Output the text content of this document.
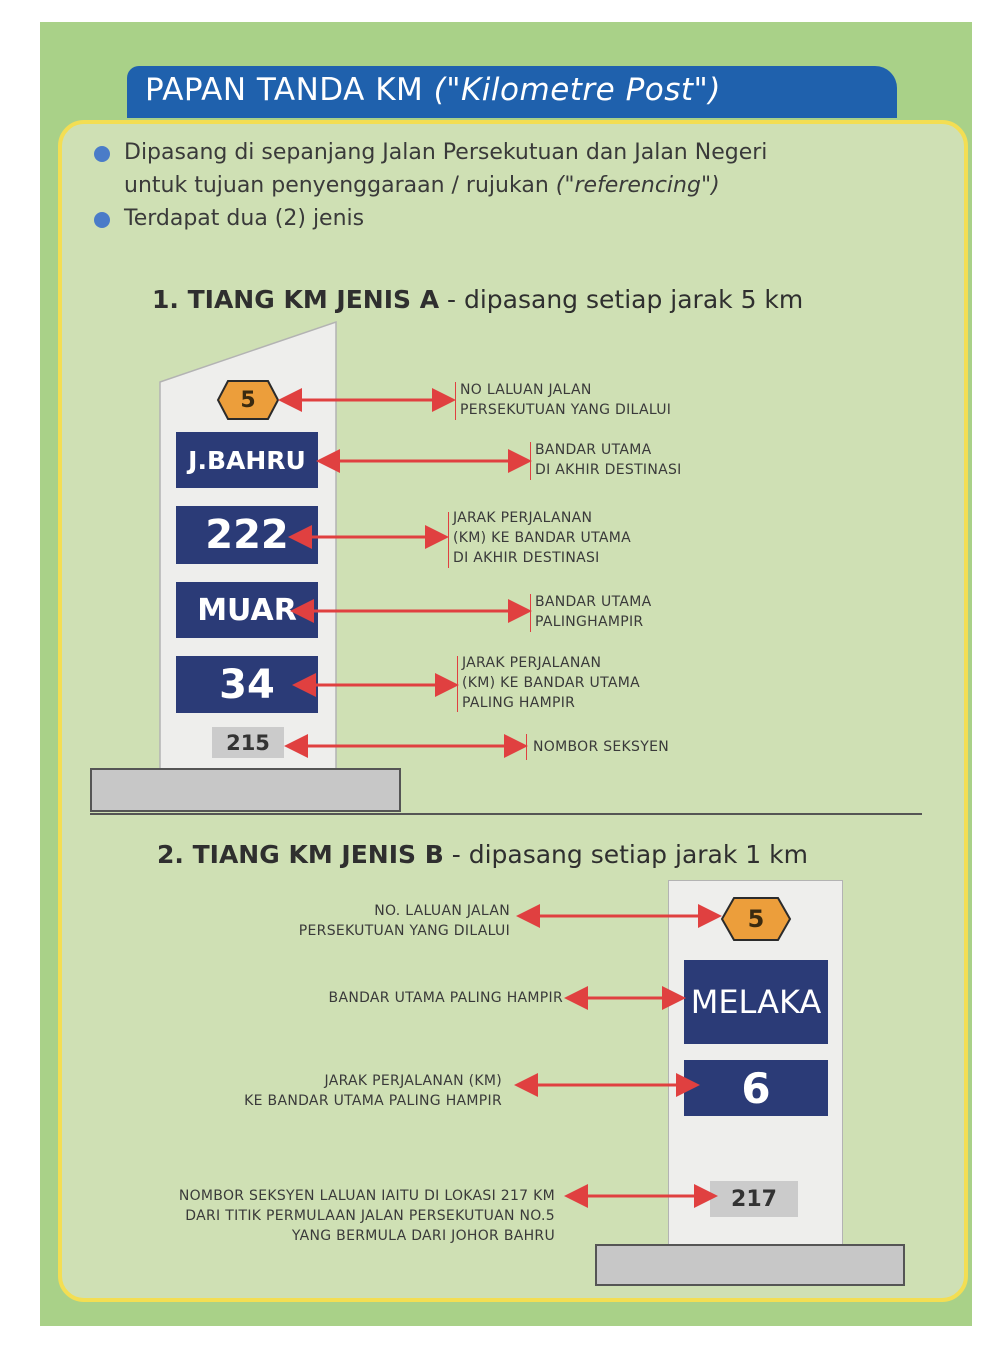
PAPAN TANDA KM ("Kilometre Post")
Dipasang di sepanjang Jalan Persekutuan dan Jalan Negeri
untuk tujuan penyenggaraan / rujukan ("referencing")
Terdapat dua (2) jenis
1. TIANG KM JENIS A - dipasang setiap jarak 5 km
5
J.BAHRU
222
MUAR
34
215
NO LALUAN JALAN
PERSEKUTUAN YANG DILALUI
BANDAR UTAMA
DI AKHIR DESTINASI
JARAK PERJALANAN
(KM) KE BANDAR UTAMA
DI AKHIR DESTINASI
BANDAR UTAMA
PALINGHAMPIR
JARAK PERJALANAN
(KM) KE BANDAR UTAMA
PALING HAMPIR
NOMBOR SEKSYEN
2. TIANG KM JENIS B - dipasang setiap jarak 1 km
5
MELAKA
6
217
NO. LALUAN JALAN
PERSEKUTUAN YANG DILALUI
BANDAR UTAMA PALING HAMPIR
JARAK PERJALANAN (KM)
KE BANDAR UTAMA PALING HAMPIR
NOMBOR SEKSYEN LALUAN IAITU DI LOKASI 217 KM
DARI TITIK PERMULAAN JALAN PERSEKUTUAN NO.5
YANG BERMULA DARI JOHOR BAHRU
